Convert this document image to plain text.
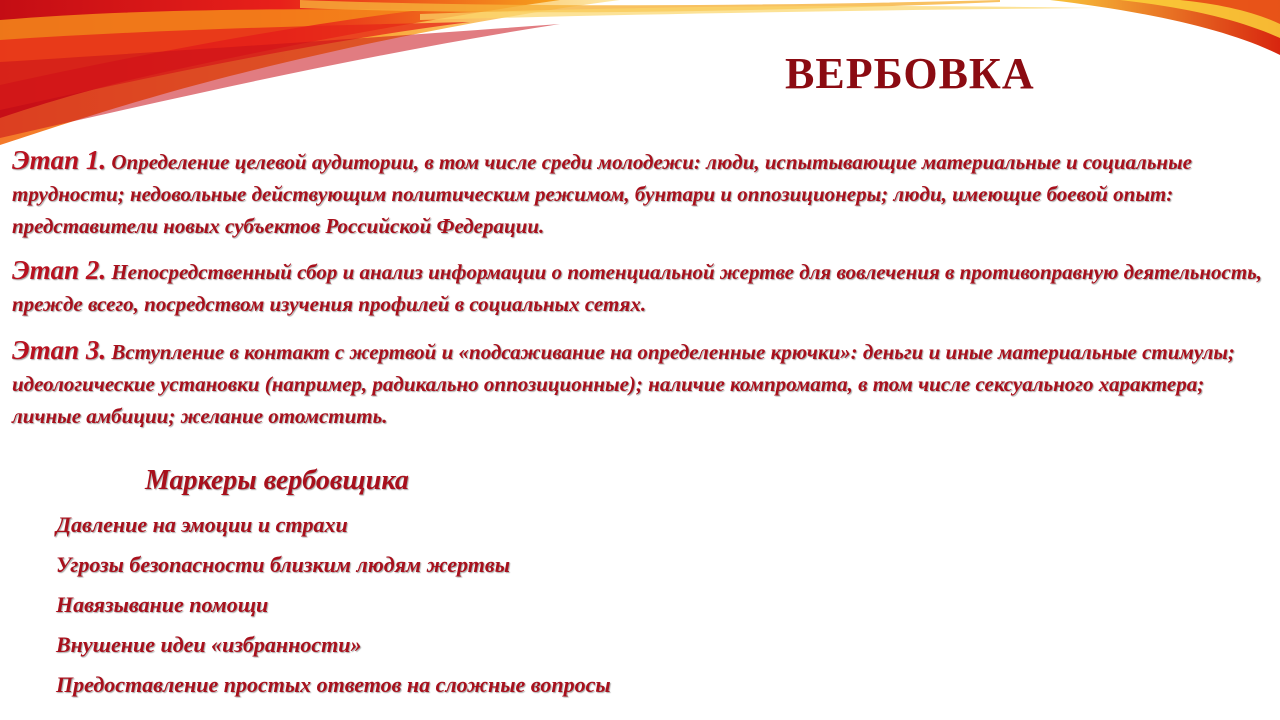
ВЕРБОВКА

Этап 1. Определение целевой аудитории, в том числе среди молодежи: люди, испытывающие материальные и социальные трудности; недовольные действующим политическим режимом, бунтари и оппозиционеры; люди, имеющие боевой опыт: представители новых субъектов Российской Федерации.

Этап 2. Непосредственный сбор и анализ информации о потенциальной жертве для вовлечения в противоправную деятельность, прежде всего, посредством изучения профилей в социальных сетях.

Этап 3. Вступление в контакт с жертвой и «подсаживание на определенные крючки»: деньги и иные материальные стимулы; идеологические установки (например, радикально оппозиционные); наличие компромата, в том числе сексуального характера; личные амбиции; желание отомстить.

Маркеры вербовщика
Давление на эмоции и страхи
Угрозы безопасности близким людям жертвы
Навязывание помощи
Внушение идеи «избранности»
Предоставление простых ответов на сложные вопросы
